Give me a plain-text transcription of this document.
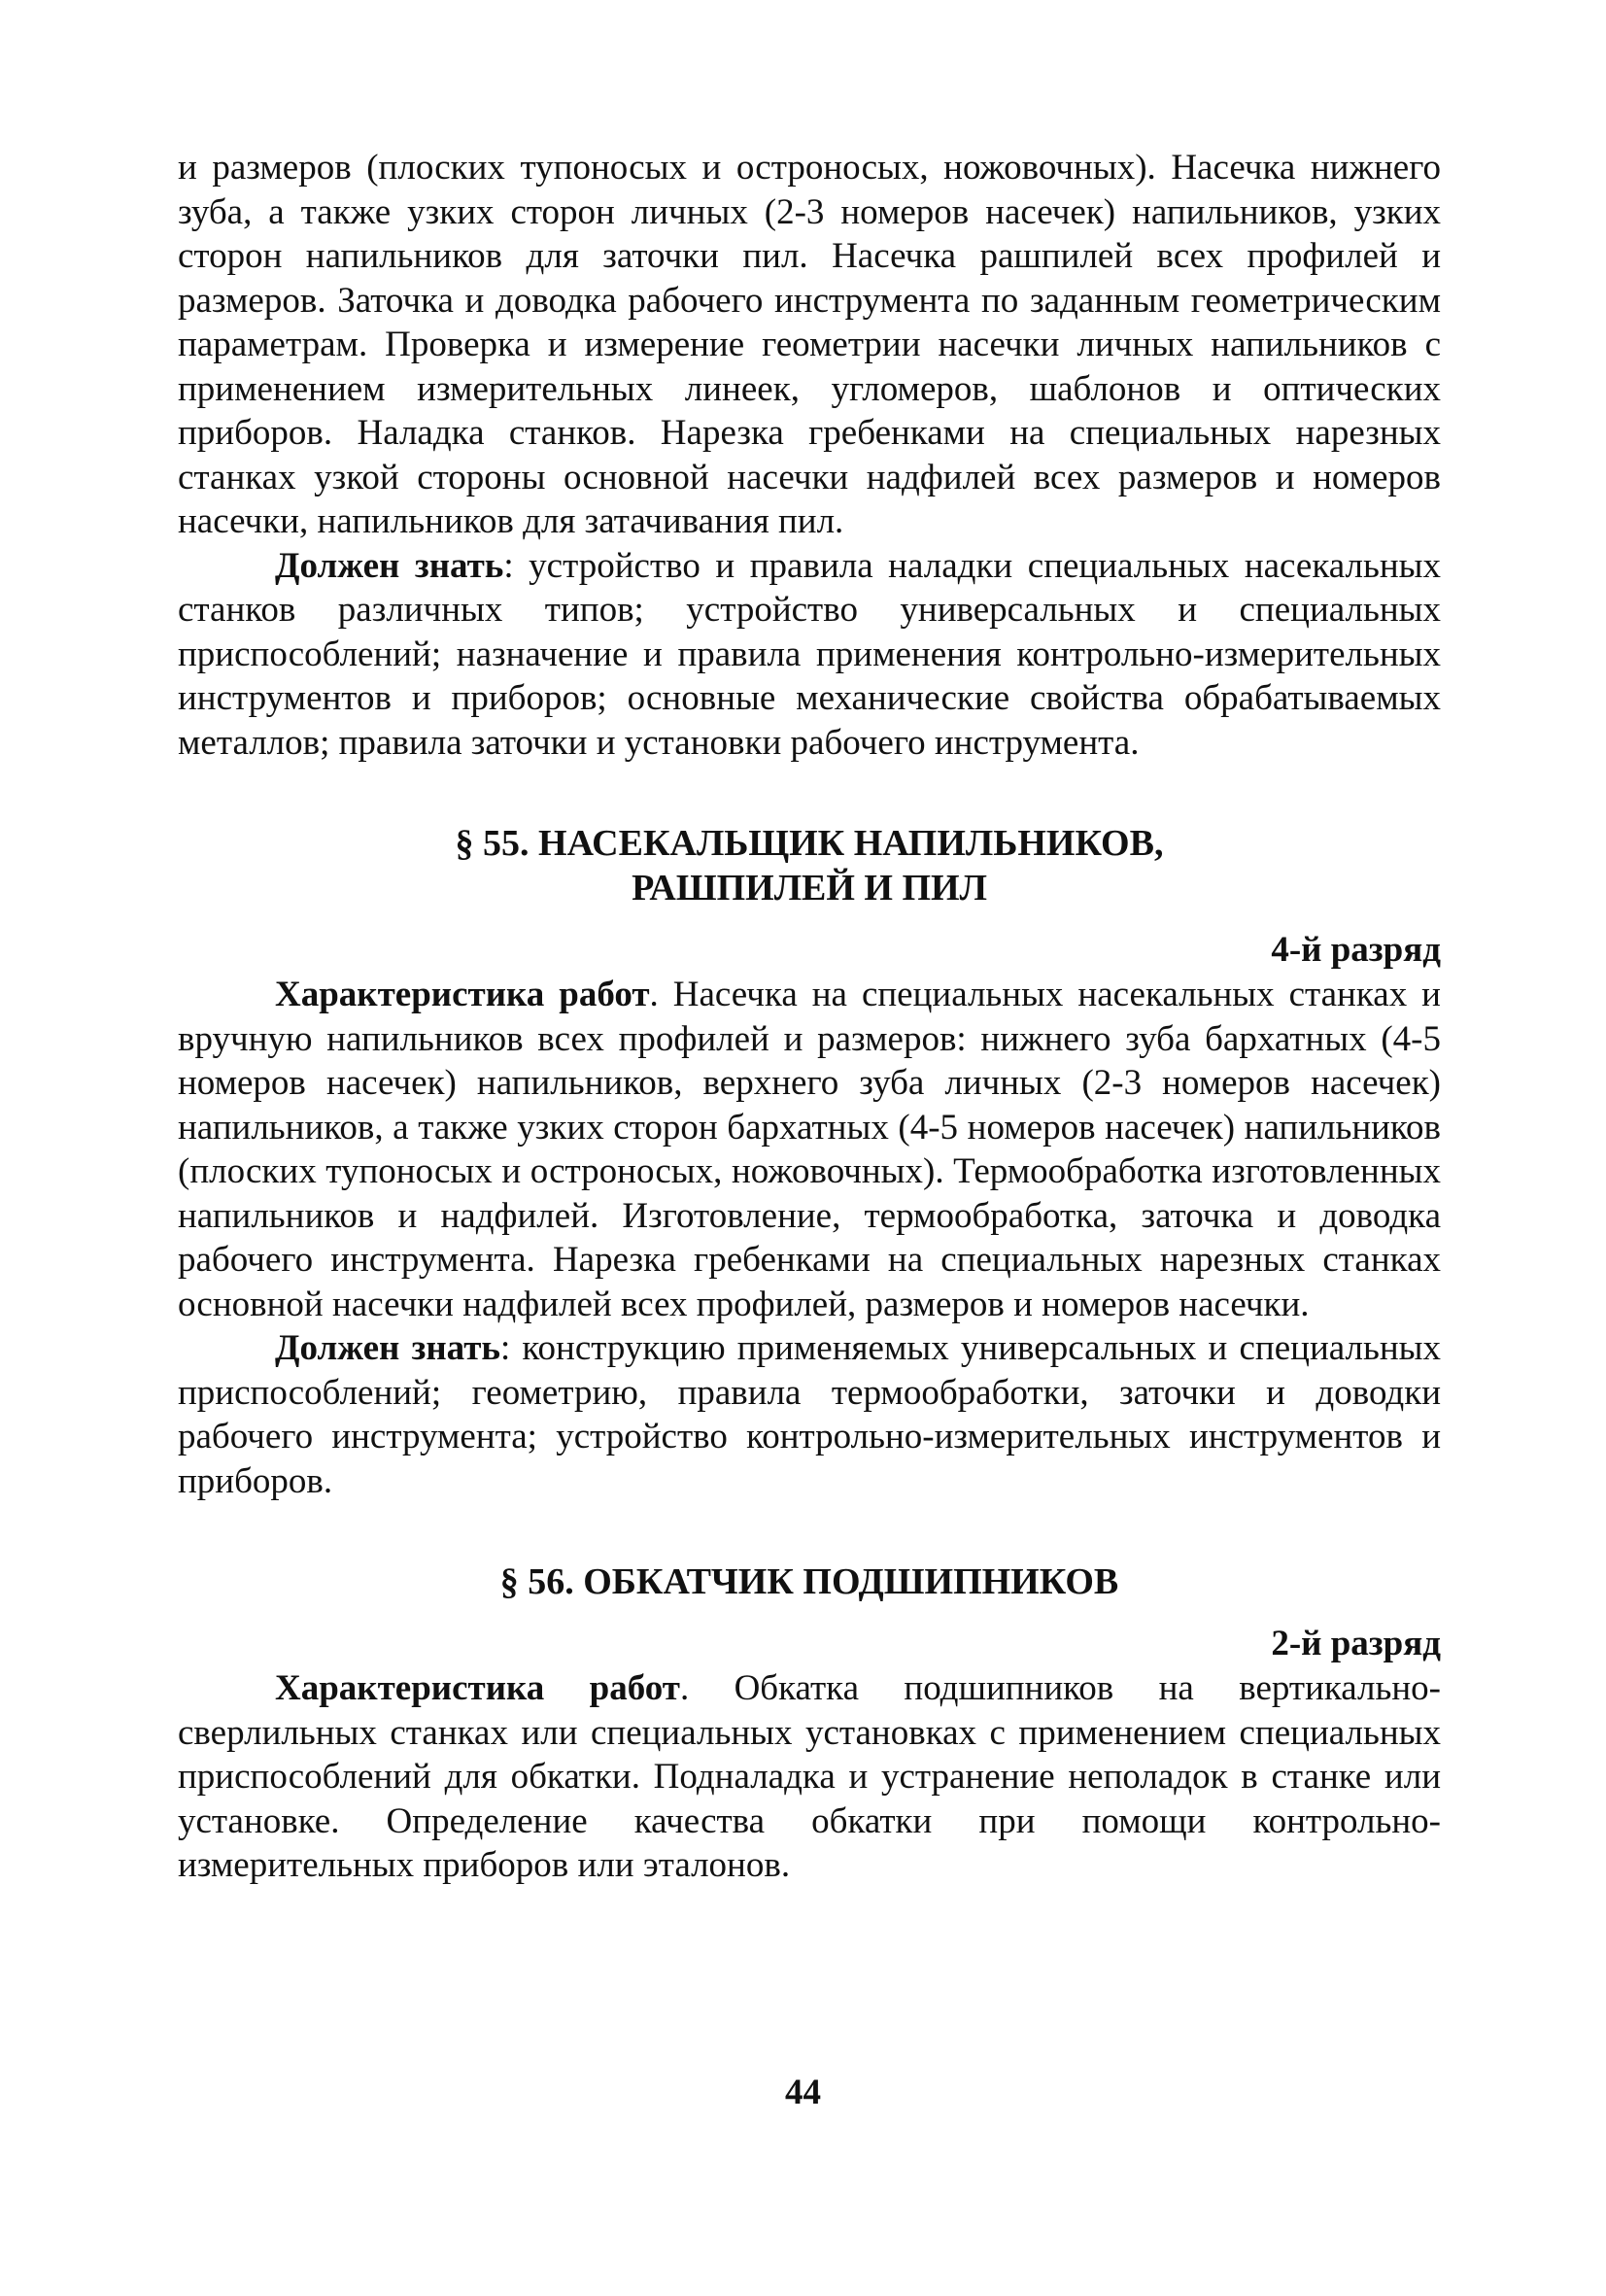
и размеров (плоских тупоносых и остроносых, ножовочных). Насечка нижнего зуба, а также узких сторон личных (2-3 номеров насечек) напильников, узких сторон напильников для заточки пил. Насечка рашпилей всех профилей и размеров. Заточка и доводка рабочего инструмента по заданным геометрическим параметрам. Проверка и измерение геометрии насечки личных напильников с применением измерительных линеек, угломеров, шаблонов и оптических приборов. Наладка станков. Нарезка гребенками на специальных нарезных станках узкой стороны основной насечки надфилей всех размеров и номеров насечки, напильников для затачивания пил.

Должен знать: устройство и правила наладки специальных насекальных станков различных типов; устройство универсальных и специальных приспособлений; назначение и правила применения контрольно-измерительных инструментов и приборов; основные механические свойства обрабатываемых металлов; правила заточки и установки рабочего инструмента.

§ 55. НАСЕКАЛЬЩИК НАПИЛЬНИКОВ,

РАШПИЛЕЙ И ПИЛ

4-й разряд

Характеристика работ. Насечка на специальных насекальных станках и вручную напильников всех профилей и размеров: нижнего зуба бархатных (4-5 номеров насечек) напильников, верхнего зуба личных (2-3 номеров насечек) напильников, а также узких сторон бархатных (4-5 номеров насечек) напильников (плоских тупоносых и остроносых, ножовочных). Термообработка изготовленных напильников и надфилей. Изготовление, термообработка, заточка и доводка рабочего инструмента. Нарезка гребенками на специальных нарезных станках основной насечки надфилей всех профилей, размеров и номеров насечки.

Должен знать: конструкцию применяемых универсальных и специальных приспособлений; геометрию, правила термообработки, заточки и доводки рабочего инструмента; устройство контрольно-измерительных инструментов и приборов.

§ 56. ОБКАТЧИК ПОДШИПНИКОВ

2-й разряд

Характеристика работ. Обкатка подшипников на вертикально-сверлильных станках или специальных установках с применением специальных приспособлений для обкатки. Подналадка и устранение неполадок в станке или установке. Определение качества обкатки при помощи контрольно-измерительных приборов или эталонов.

44
